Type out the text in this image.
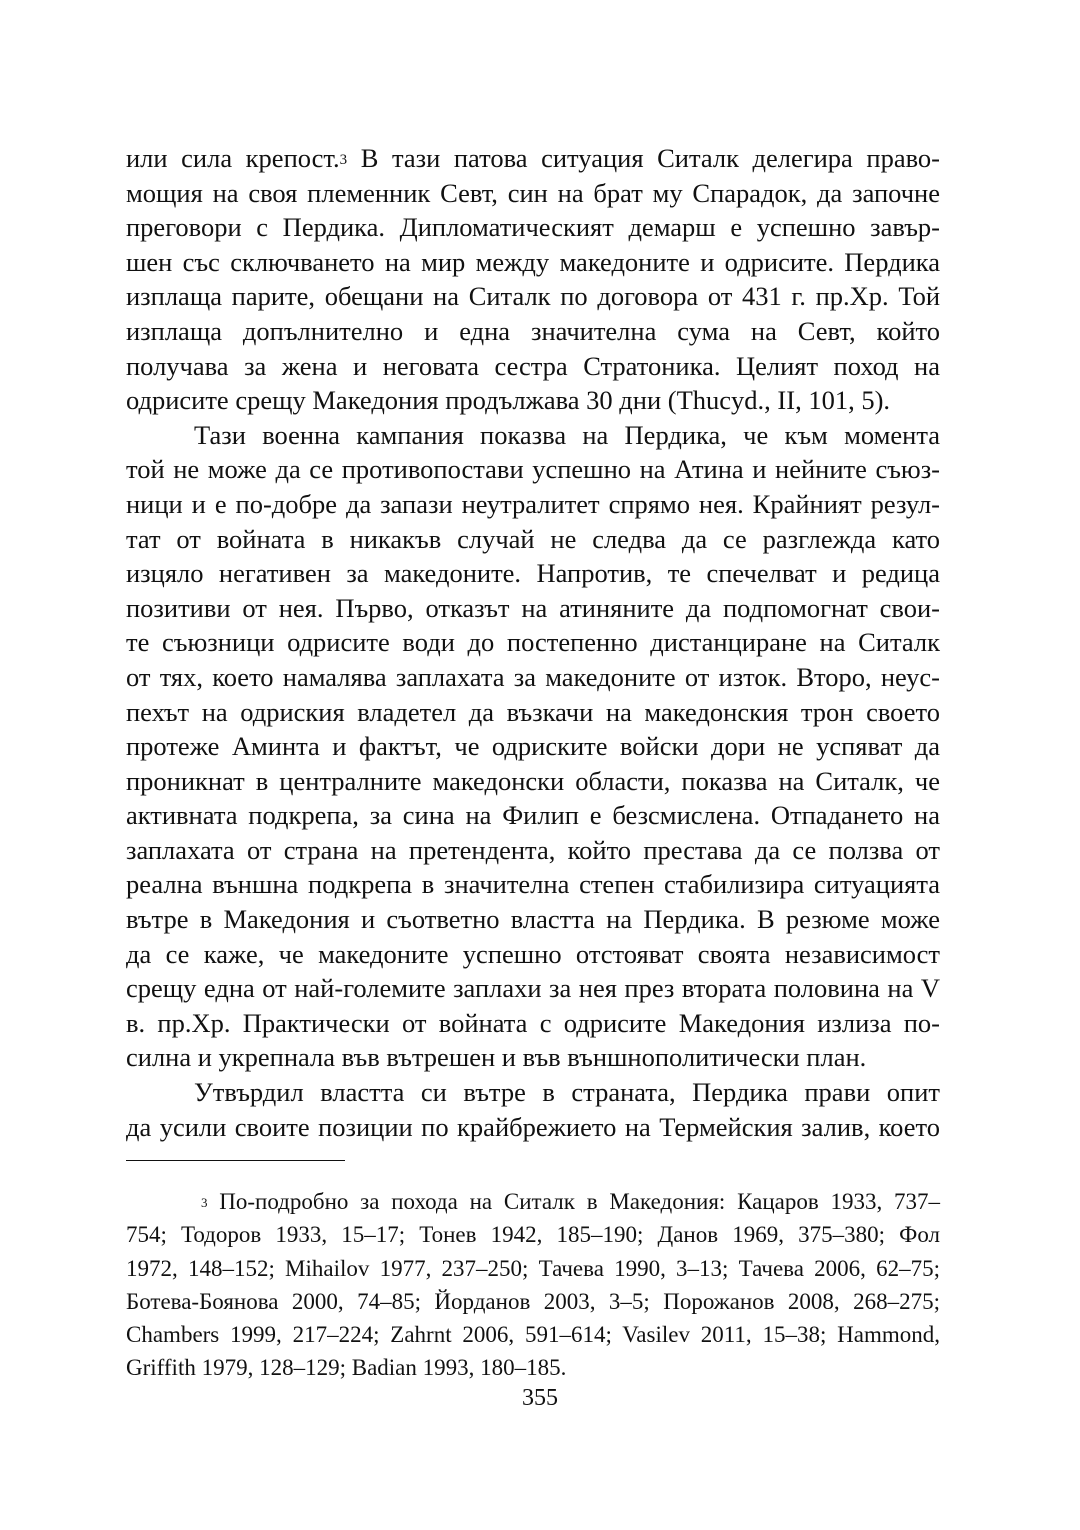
или сила крепост.$^3$ В тази патова ситуация Ситалк делегира право-
мощия на своя племенник Севт, син на брат му Спарадок, да започне
преговори с Пердика. Дипломатическият демарш е успешно завър-
шен със сключването на мир между македоните и одрисите. Пердика
изплаща парите, обещани на Ситалк по договора от 431 г. пр.Хр. Той
изплаща допълнително и една значителна сума на Севт, който
получава за жена и неговата сестра Стратоника. Целият поход на
одрисите срещу Македония продължава 30 дни (Thucyd., II, 101, 5).
Тази военна кампания показва на Пердика, че към момента
той не може да се противопостави успешно на Атина и нейните съюз-
ници и е по-добре да запази неутралитет спрямо нея. Крайният резул-
тат от войната в никакъв случай не следва да се разглежда като
изцяло негативен за македоните. Напротив, те спечелват и редица
позитиви от нея. Първо, отказът на атиняните да подпомогнат свои-
те съюзници одрисите води до постепенно дистанциране на Ситалк
от тях, което намалява заплахата за македоните от изток. Второ, неус-
пехът на одриския владетел да възкачи на македонския трон своето
протеже Аминта и фактът, че одриските войски дори не успяват да
проникнат в централните македонски области, показва на Ситалк, че
активната подкрепа, за сина на Филип е безсмислена. Отпадането на
заплахата от страна на претендента, който престава да се ползва от
реална външна подкрепа в значителна степен стабилизира ситуацията
вътре в Македония и съответно властта на Пердика. В резюме може
да се каже, че македоните успешно отстояват своята независимост
срещу една от най-големите заплахи за нея през втората половина на V
в. пр.Хр. Практически от войната с одрисите Македония излиза по-
силна и укрепнала във вътрешен и във външнополитически план.
Утвърдил властта си вътре в страната, Пердика прави опит
да усили своите позиции по крайбрежието на Термейския залив, което
$^3$ По-подробно за похода на Ситалк в Македония: Кацаров 1933, 737–
754; Тодоров 1933, 15–17; Тонев 1942, 185–190; Данов 1969, 375–380; Фол
1972, 148–152; Mihailov 1977, 237–250; Тачева 1990, 3–13; Тачева 2006, 62–75;
Ботева-Боянова 2000, 74–85; Йорданов 2003, 3–5; Порожанов 2008, 268–275;
Chambers 1999, 217–224; Zahrnt 2006, 591–614; Vasilev 2011, 15–38; Hammond,
Griffith 1979, 128–129; Badian 1993, 180–185.
355
